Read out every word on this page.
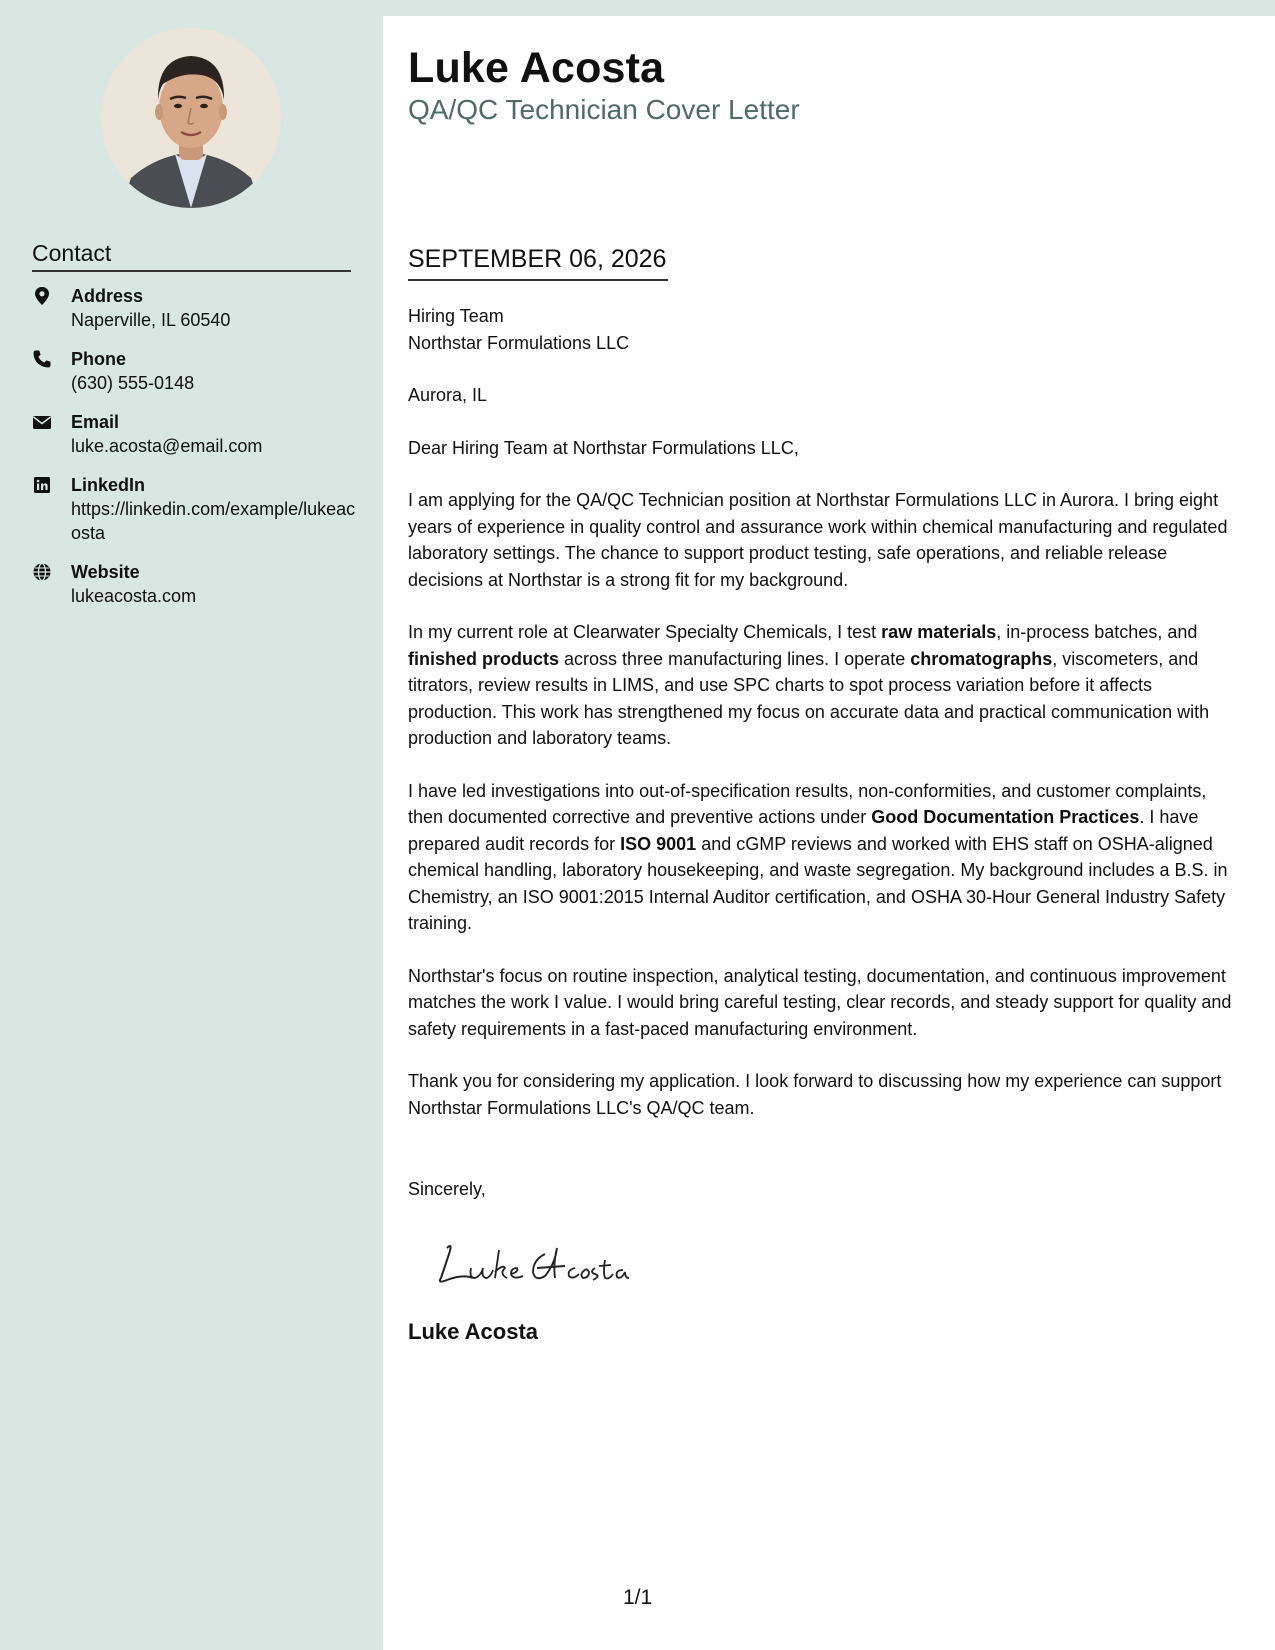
Contact
Address
Naperville, IL 60540
Phone
(630) 555-0148
Email
luke.acosta@email.com
LinkedIn
https://linkedin.com/example/lukeacosta
Website
lukeacosta.com
Luke Acosta
QA/QC Technician Cover Letter
SEPTEMBER 06, 2026

Hiring Team

Northstar Formulations LLC

Aurora, IL

Dear Hiring Team at Northstar Formulations LLC,

I am applying for the QA/QC Technician position at Northstar Formulations LLC in Aurora. I bring eight years of experience in quality control and assurance work within chemical manufacturing and regulated laboratory settings. The chance to support product testing, safe operations, and reliable release decisions at Northstar is a strong fit for my background.

In my current role at Clearwater Specialty Chemicals, I test raw materials, in-process batches, and finished products across three manufacturing lines. I operate chromatographs, viscometers, and titrators, review results in LIMS, and use SPC charts to spot process variation before it affects production. This work has strengthened my focus on accurate data and practical communication with production and laboratory teams.

I have led investigations into out-of-specification results, non-conformities, and customer complaints, then documented corrective and preventive actions under Good Documentation Practices. I have prepared audit records for ISO 9001 and cGMP reviews and worked with EHS staff on OSHA-aligned chemical handling, laboratory housekeeping, and waste segregation. My background includes a B.S. in Chemistry, an ISO 9001:2015 Internal Auditor certification, and OSHA 30-Hour General Industry Safety training.

Northstar's focus on routine inspection, analytical testing, documentation, and continuous improvement matches the work I value. I would bring careful testing, clear records, and steady support for quality and safety requirements in a fast-paced manufacturing environment.

Thank you for considering my application. I look forward to discussing how my experience can support Northstar Formulations LLC's QA/QC team.

Sincerely,
Luke Acosta
1/1
